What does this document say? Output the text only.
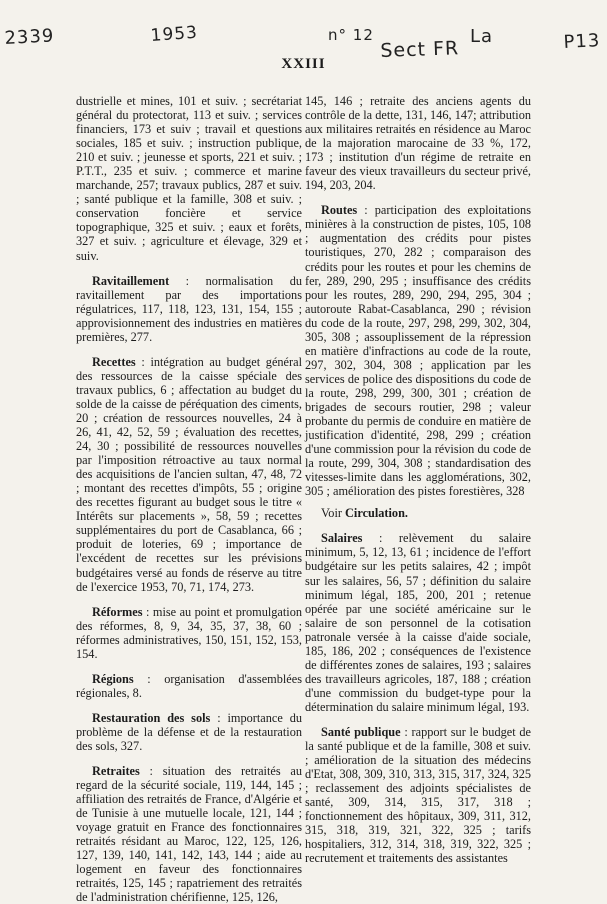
2339	1953	n° 12
Sect FR
La	P13
XXIII

dustrielle et mines, 101 et suiv. ; secrétariat général du protectorat, 113 et suiv. ; services financiers, 173 et suiv ; travail et questions sociales, 185 et suiv. ; instruction publique, 210 et suiv. ; jeunesse et sports, 221 et suiv. ; P.T.T., 235 et suiv. ; commerce et marine marchande, 257; travaux publics, 287 et suiv. ; santé publique et la famille, 308 et suiv. ; conservation foncière et service topographique, 325 et suiv. ; eaux et forêts, 327 et suiv. ; agriculture et élevage, 329 et suiv.

Ravitaillement : normalisation du ravitaillement par des importations régulatrices, 117, 118, 123, 131, 154, 155 ; approvisionnement des industries en matières premières, 277.

Recettes : intégration au budget général des ressources de la caisse spéciale des travaux publics, 6 ; affectation au budget du solde de la caisse de péréquation des ciments, 20 ; création de ressources nouvelles, 24 à 26, 41, 42, 52, 59 ; évaluation des recettes, 24, 30 ; possibilité de ressources nouvelles par l'imposition rétroactive au taux normal des acquisitions de l'ancien sultan, 47, 48, 72 ; montant des recettes d'impôts, 55 ; origine des recettes figurant au budget sous le titre « Intérêts sur placements », 58, 59 ; recettes supplémentaires du port de Casablanca, 66 ; produit de loteries, 69 ; importance de l'excédent de recettes sur les prévisions budgétaires versé au fonds de réserve au titre de l'exercice 1953, 70, 71, 174, 273.

Réformes : mise au point et promulgation des réformes, 8, 9, 34, 35, 37, 38, 60 ; réformes administratives, 150, 151, 152, 153, 154.

Régions : organisation d'assemblées régionales, 8.

Restauration des sols : importance du problème de la défense et de la restauration des sols, 327.

Retraites : situation des retraités au regard de la sécurité sociale, 119, 144, 145 ; affiliation des retraités de France, d'Algérie et de Tunisie à une mutuelle locale, 121, 144 ; voyage gratuit en France des fonctionnaires retraités résidant au Maroc, 122, 125, 126, 127, 139, 140, 141, 142, 143, 144 ; aide au logement en faveur des fonctionnaires retraités, 125, 145 ; rapatriement des retraités de l'administration chérifienne, 125, 126,

145, 146 ; retraite des anciens agents du contrôle de la dette, 131, 146, 147; attribution aux militaires retraités en résidence au Maroc de la majoration marocaine de 33 %, 172, 173 ; institution d'un régime de retraite en faveur des vieux travailleurs du secteur privé, 194, 203, 204.

Routes : participation des exploitations minières à la construction de pistes, 105, 108 ; augmentation des crédits pour pistes touristiques, 270, 282 ; comparaison des crédits pour les routes et pour les chemins de fer, 289, 290, 295 ; insuffisance des crédits pour les routes, 289, 290, 294, 295, 304 ; autoroute Rabat-Casablanca, 290 ; révision du code de la route, 297, 298, 299, 302, 304, 305, 308 ; assouplissement de la répression en matière d'infractions au code de la route, 297, 302, 304, 308 ; application par les services de police des dispositions du code de la route, 298, 299, 300, 301 ; création de brigades de secours routier, 298 ; valeur probante du permis de conduire en matière de justification d'identité, 298, 299 ; création d'une commission pour la révision du code de la route, 299, 304, 308 ; standardisation des vitesses-limite dans les agglomérations, 302, 305 ; amélioration des pistes forestières, 328

Voir Circulation.

Salaires : relèvement du salaire minimum, 5, 12, 13, 61 ; incidence de l'effort budgétaire sur les petits salaires, 42 ; impôt sur les salaires, 56, 57 ; définition du salaire minimum légal, 185, 200, 201 ; retenue opérée par une société américaine sur le salaire de son personnel de la cotisation patronale versée à la caisse d'aide sociale, 185, 186, 202 ; conséquences de l'existence de différentes zones de salaires, 193 ; salaires des travailleurs agricoles, 187, 188 ; création d'une commission du budget-type pour la détermination du salaire minimum légal, 193.

Santé publique : rapport sur le budget de la santé publique et de la famille, 308 et suiv. ; amélioration de la situation des médecins d'Etat, 308, 309, 310, 313, 315, 317, 324, 325 ; reclassement des adjoints spécialistes de santé, 309, 314, 315, 317, 318 ; fonctionnement des hôpitaux, 309, 311, 312, 315, 318, 319, 321, 322, 325 ; tarifs hospitaliers, 312, 314, 318, 319, 322, 325 ; recrutement et traitements des assistantes
